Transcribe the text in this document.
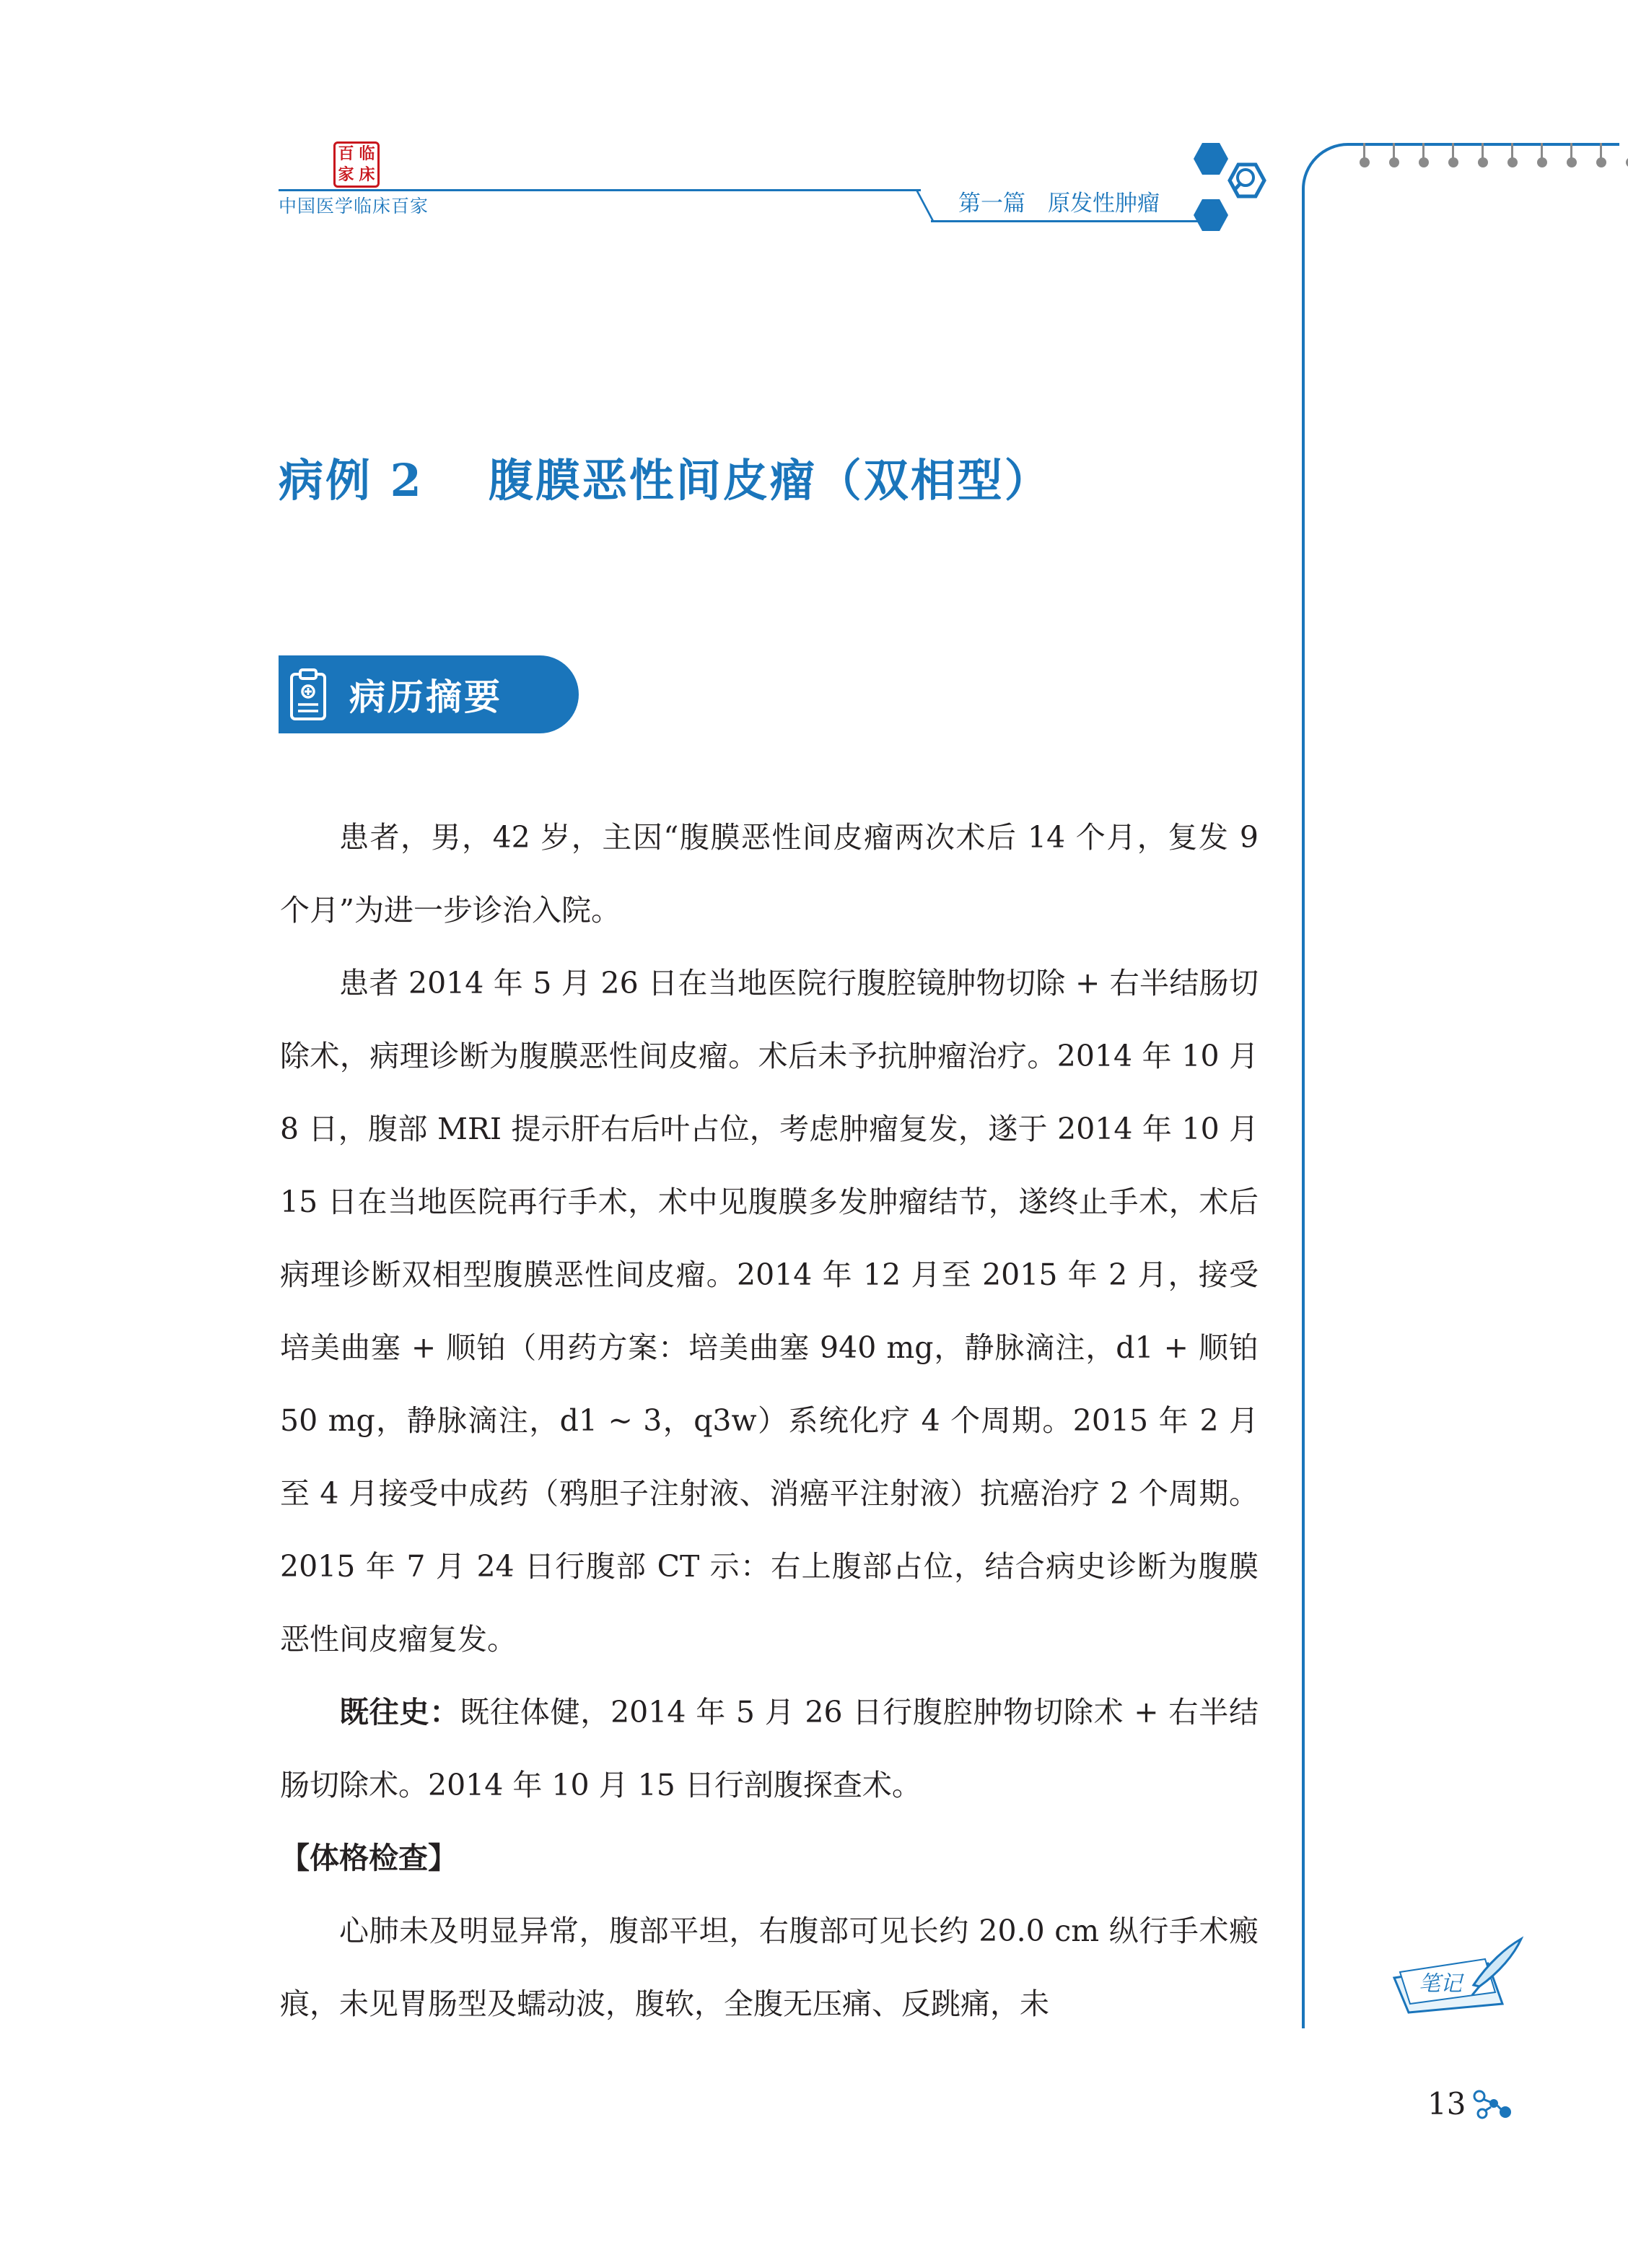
百 临
家 床
中国医学临床百家	第一篇　原发性肿瘤
病例 2 腹膜恶性间皮瘤（双相型）
病历摘要

患者，男，42 岁，主因“腹膜恶性间皮瘤两次术后 14 个月，复发 9 个月”为进一步诊治入院。

患者 2014 年 5 月 26 日在当地医院行腹腔镜肿物切除 + 右半结肠切除术，病理诊断为腹膜恶性间皮瘤。术后未予抗肿瘤治疗。2014 年 10 月 8 日，腹部 MRI 提示肝右后叶占位，考虑肿瘤复发，遂于 2014 年 10 月 15 日在当地医院再行手术，术中见腹膜多发肿瘤结节，遂终止手术，术后病理诊断双相型腹膜恶性间皮瘤。2014 年 12 月至 2015 年 2 月，接受培美曲塞 + 顺铂（用药方案：培美曲塞 940 mg，静脉滴注，d1 + 顺铂 50 mg，静脉滴注，d1 ~ 3，q3w）系统化疗 4 个周期。2015 年 2 月至 4 月接受中成药（鸦胆子注射液、消癌平注射液）抗癌治疗 2 个周期。2015 年 7 月 24 日行腹部 CT 示：右上腹部占位，结合病史诊断为腹膜恶性间皮瘤复发。

既往史：既往体健，2014 年 5 月 26 日行腹腔肿物切除术 + 右半结肠切除术。2014 年 10 月 15 日行剖腹探查术。

【体格检查】

心肺未及明显异常，腹部平坦，右腹部可见长约 20.0 cm 纵行手术瘢痕，未见胃肠型及蠕动波，腹软，全腹无压痛、反跳痛，未

笔记
13
